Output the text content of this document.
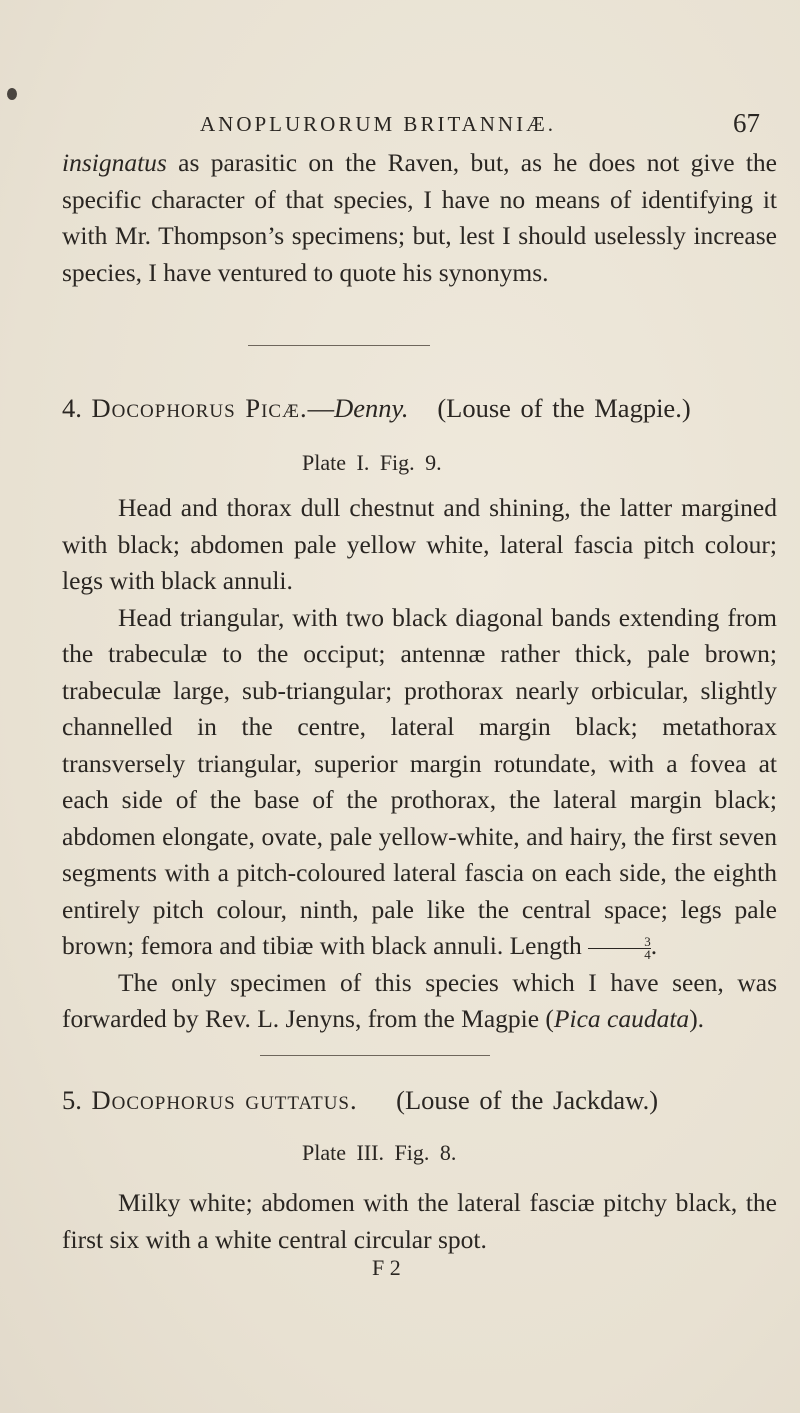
ANOPLURORUM BRITANNIÆ.	67

insignatus as parasitic on the Raven, but, as he does not give the specific character of that species, I have no means of identifying it with Mr. Thompson’s specimens; but, lest I should uselessly increase species, I have ventured to quote his synonyms.

4. Docophorus Picæ.—Denny. (Louse of the Magpie.)
Plate I. Fig. 9.

Head and thorax dull chestnut and shining, the latter margined with black; abdomen pale yellow white, lateral fascia pitch colour; legs with black annuli.

Head triangular, with two black diagonal bands extending from the trabeculæ to the occiput; antennæ rather thick, pale brown; trabeculæ large, sub-triangular; prothorax nearly orbicular, slightly channelled in the centre, lateral margin black; metathorax transversely triangular, superior margin rotundate, with a fovea at each side of the base of the prothorax, the lateral margin black; abdomen elongate, ovate, pale yellow-white, and hairy, the first seven segments with a pitch-coloured lateral fascia on each side, the eighth entirely pitch colour, ninth, pale like the central space; legs pale brown; femora and tibiæ with black annuli. Length $\frac{3}{4}$ .

The only specimen of this species which I have seen, was forwarded by Rev. L. Jenyns, from the Magpie (Pica caudata).

5. Docophorus guttatus. (Louse of the Jackdaw.)
Plate III. Fig. 8.

Milky white; abdomen with the lateral fasciæ pitchy black, the first six with a white central circular spot.

F 2
